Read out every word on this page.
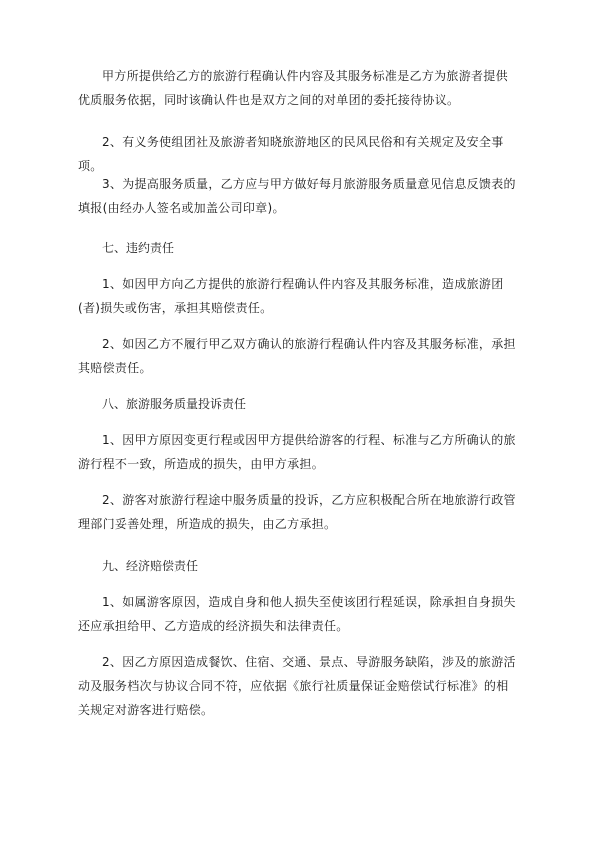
甲方所提供给乙方的旅游行程确认件内容及其服务标准是乙方为旅游者提供优质服务依据，同时该确认件也是双方之间的对单团的委托接待协议。

2、有义务使组团社及旅游者知晓旅游地区的民风民俗和有关规定及安全事项。

3、为提高服务质量，乙方应与甲方做好每月旅游服务质量意见信息反馈表的填报(由经办人签名或加盖公司印章)。

七、违约责任

1、如因甲方向乙方提供的旅游行程确认件内容及其服务标准，造成旅游团(者)损失或伤害，承担其赔偿责任。

2、如因乙方不履行甲乙双方确认的旅游行程确认件内容及其服务标准，承担其赔偿责任。

八、旅游服务质量投诉责任

1、因甲方原因变更行程或因甲方提供给游客的行程、标准与乙方所确认的旅游行程不一致，所造成的损失，由甲方承担。

2、游客对旅游行程途中服务质量的投诉，乙方应积极配合所在地旅游行政管理部门妥善处理，所造成的损失，由乙方承担。

九、经济赔偿责任

1、如属游客原因，造成自身和他人损失至使该团行程延误，除承担自身损失还应承担给甲、乙方造成的经济损失和法律责任。

2、因乙方原因造成餐饮、住宿、交通、景点、导游服务缺陷，涉及的旅游活动及服务档次与协议合同不符，应依据《旅行社质量保证金赔偿试行标准》的相关规定对游客进行赔偿。
